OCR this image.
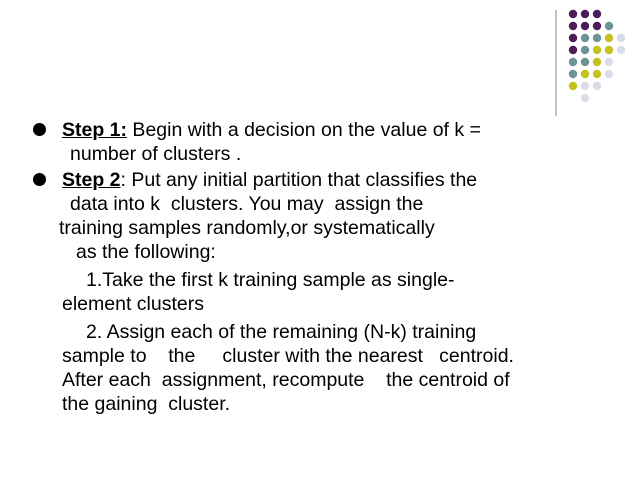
Step 1: Begin with a decision on the value of k =
number of clusters .
Step 2: Put any initial partition that classifies the
data into k  clusters. You may  assign the
training samples randomly,or systematically
as the following:
1.Take the first k training sample as single-
element clusters
2. Assign each of the remaining (N-k) training
sample to    the     cluster with the nearest   centroid.
After each  assignment, recompute    the centroid of
the gaining  cluster.
